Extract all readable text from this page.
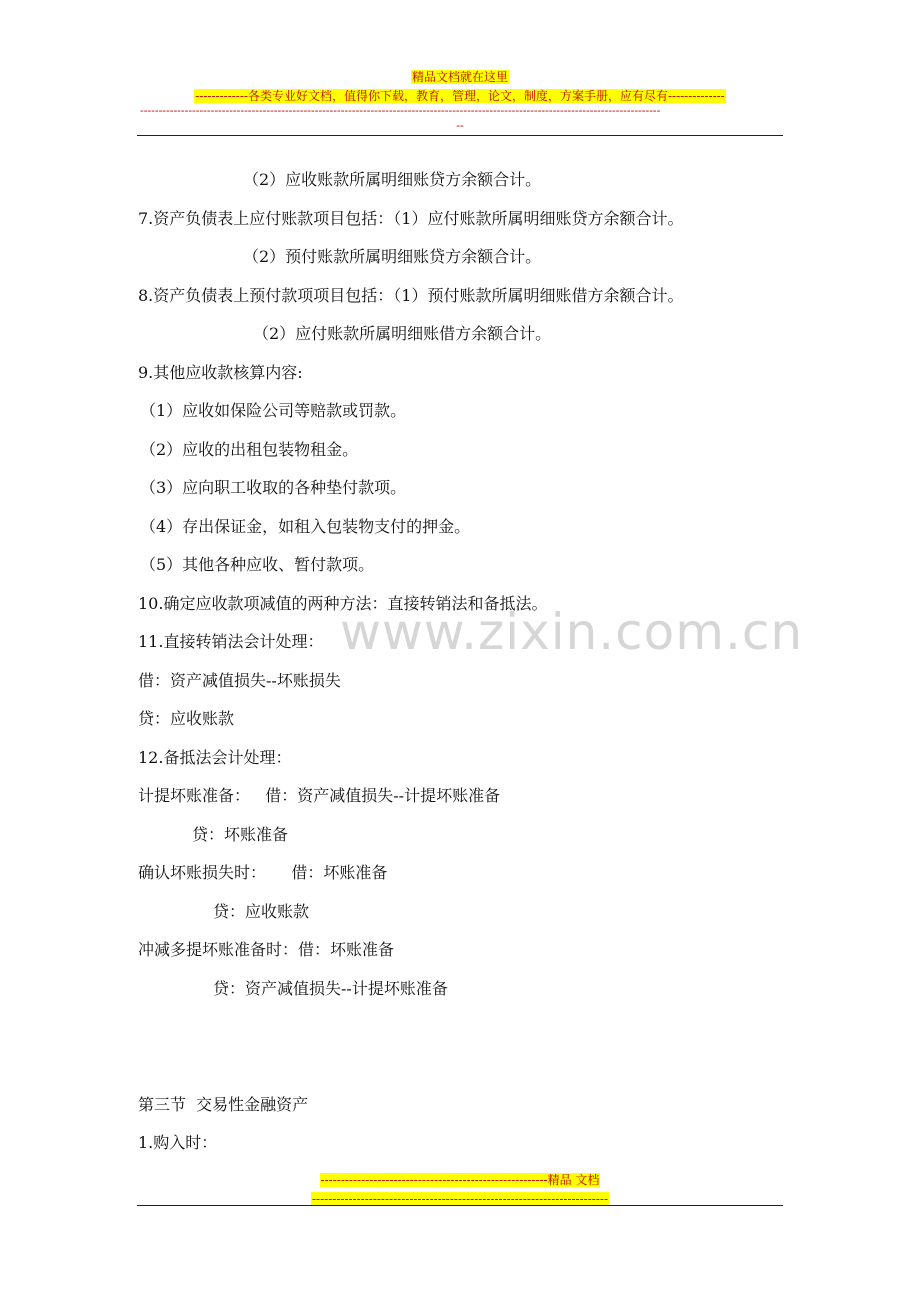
精品文档就在这里
-------------各类专业好文档，值得你下载，教育，管理，论文，制度，方案手册，应有尽有--------------
--------------------------------------------------------------------------------------------------------------------------------------------
--
www.zixin.com.cn
（2）应收账款所属明细账贷方余额合计。
7.资产负债表上应付账款项目包括：（1）应付账款所属明细账贷方余额合计。
（2）预付账款所属明细账贷方余额合计。
8.资产负债表上预付款项项目包括：（1）预付账款所属明细账借方余额合计。
（2）应付账款所属明细账借方余额合计。
9.其他应收款核算内容:
（1）应收如保险公司等赔款或罚款。
（2）应收的出租包装物租金。
（3）应向职工收取的各种垫付款项。
（4）存出保证金，如租入包装物支付的押金。
（5）其他各种应收、暂付款项。
10.确定应收款项减值的两种方法：直接转销法和备抵法。
11.直接转销法会计处理：
借：资产减值损失--坏账损失
贷：应收账款
12.备抵法会计处理：
计提坏账准备：   借：资产减值损失--计提坏账准备
贷：坏账准备
确认坏账损失时：     借：坏账准备
贷：应收账款
冲减多提坏账准备时：借：坏账准备
贷：资产减值损失--计提坏账准备
第三节  交易性金融资产
1.购入时：
--------------------------------------------------------精品 文档
-------------------------------------------------------------------------
